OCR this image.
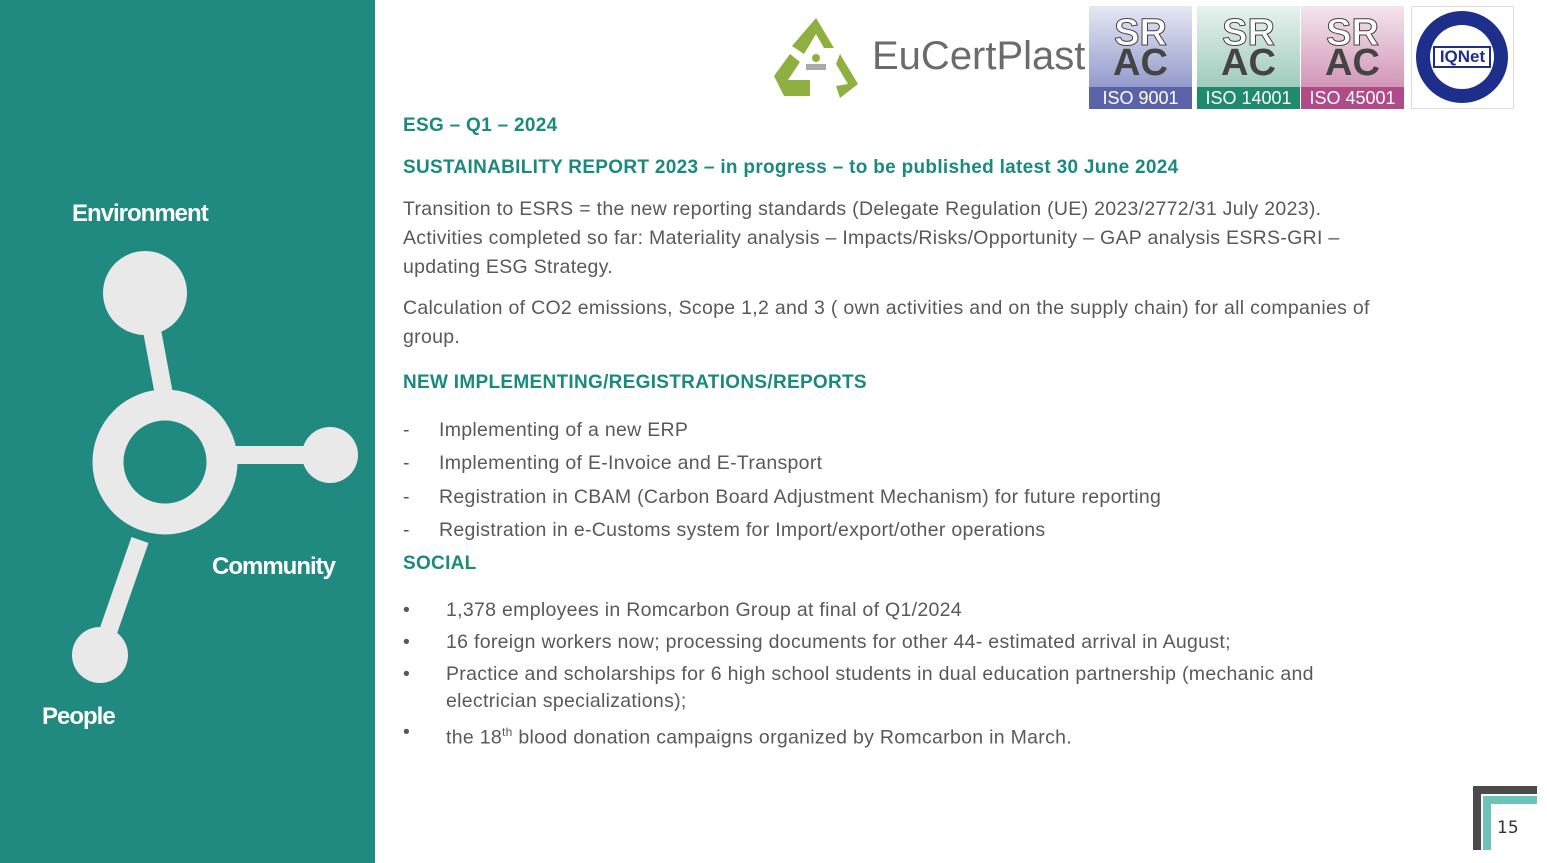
Environment
Community
People
EuCertPlast
SR
AC
ISO 9001
SR
AC
ISO 14001
SR
AC
ISO 45001
IQNet
ESG – Q1 – 2024
SUSTAINABILITY REPORT 2023 – in progress – to be published latest 30 June 2024
Transition to ESRS = the new reporting standards (Delegate Regulation (UE) 2023/2772/31 July 2023). Activities completed so far: Materiality analysis – Impacts/Risks/Opportunity – GAP analysis ESRS-GRI – updating ESG Strategy.
Calculation of CO2 emissions, Scope 1,2 and 3 ( own activities and on the supply chain) for all companies of group.
NEW IMPLEMENTING/REGISTRATIONS/REPORTS
- Implementing of a new ERP
- Implementing of E-Invoice and E-Transport
- Registration in CBAM (Carbon Board Adjustment Mechanism) for future reporting
- Registration in e-Customs system for Import/export/other operations
SOCIAL
• 1,378 employees in Romcarbon Group at final of Q1/2024
• 16 foreign workers now; processing documents for other 44- estimated arrival in August;
• Practice and scholarships for 6 high school students in dual education partnership (mechanic and electrician specializations);
• the 18th blood donation campaigns organized by Romcarbon in March.
15
